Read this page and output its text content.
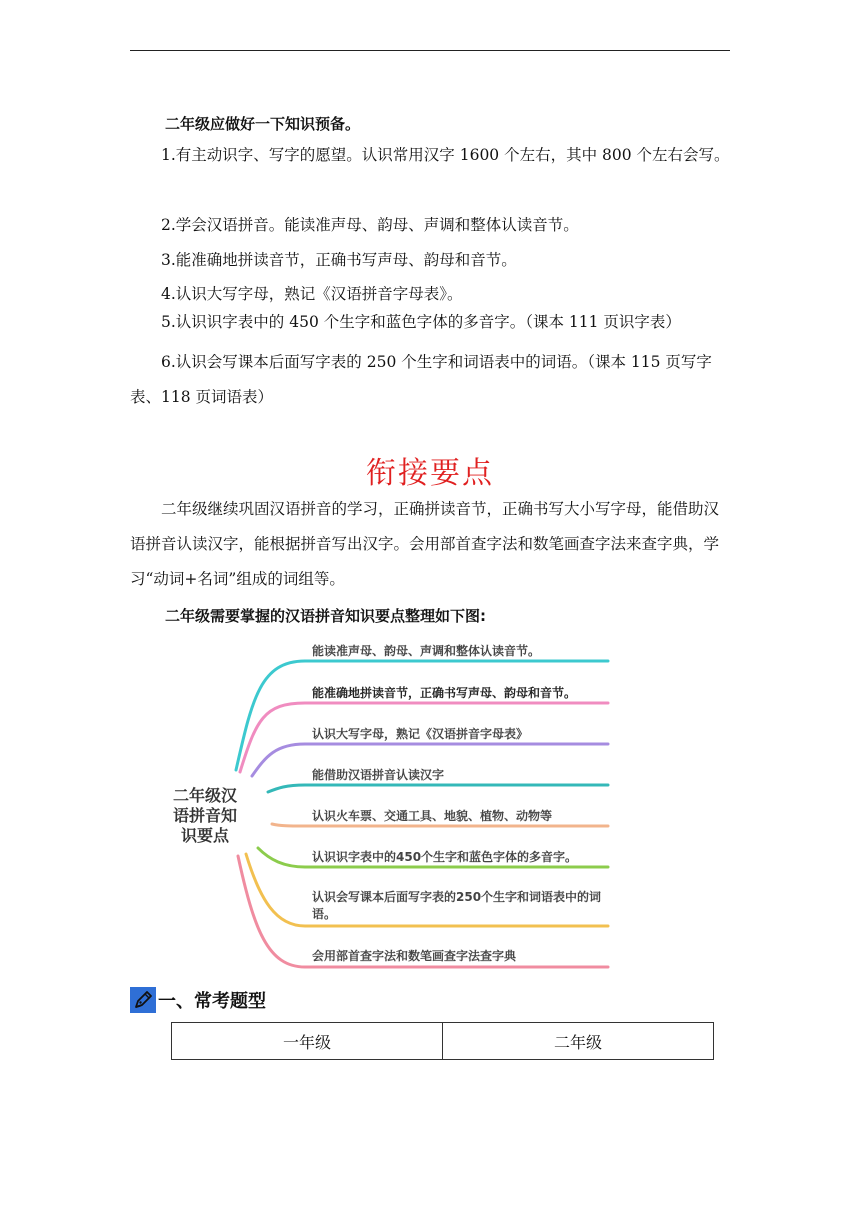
二年级应做好一下知识预备。

1.有主动识字、写字的愿望。认识常用汉字 1600 个左右，其中 800 个左右会写。

2.学会汉语拼音。能读准声母、韵母、声调和整体认读音节。

3.能准确地拼读音节，正确书写声母、韵母和音节。

4.认识大写字母，熟记《汉语拼音字母表》。

5.认识识字表中的 450 个生字和蓝色字体的多音字。（课本 111 页识字表）

6.认识会写课本后面写字表的 250 个生字和词语表中的词语。（课本 115 页写字表、118 页词语表）

衔接要点

二年级继续巩固汉语拼音的学习，正确拼读音节，正确书写大小写字母，能借助汉语拼音认读汉字，能根据拼音写出汉字。会用部首查字法和数笔画查字法来查字典，学习“动词+名词”组成的词组等。

二年级需要掌握的汉语拼音知识要点整理如下图:
二年级汉
语拼音知
识要点
能读准声母、韵母、声调和整体认读音节。
能准确地拼读音节，正确书写声母、韵母和音节。
认识大写字母，熟记《汉语拼音字母表》
能借助汉语拼音认读汉字
认识火车票、交通工具、地貌、植物、动物等
认识识字表中的450个生字和蓝色字体的多音字。
认识会写课本后面写字表的250个生字和词语表中的词语。
会用部首查字法和数笔画查字法查字典
一、常考题型
一年级	二年级
